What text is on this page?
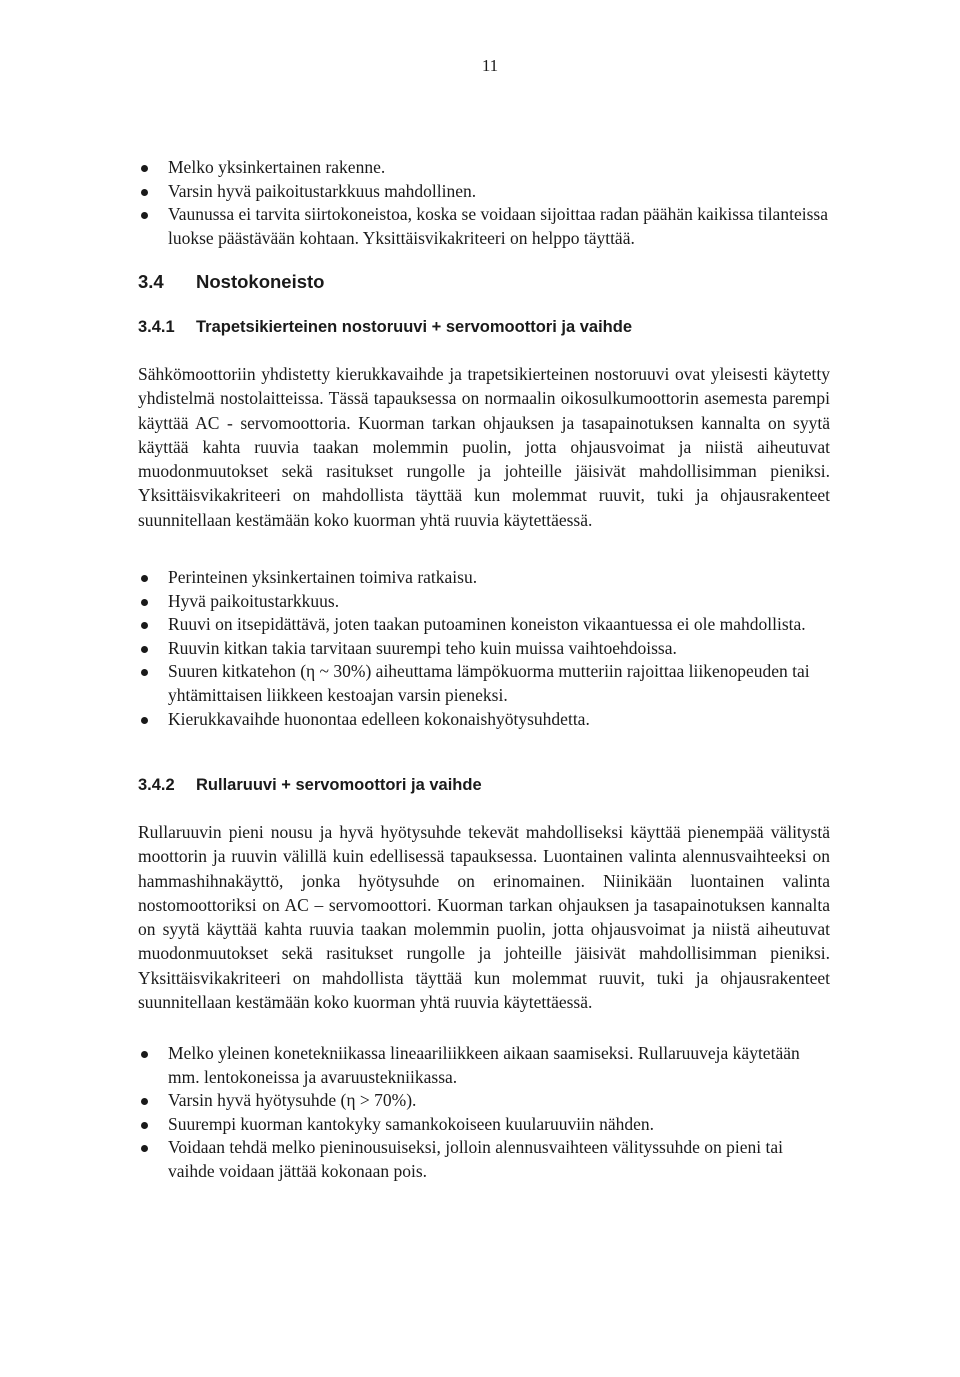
11
Melko yksinkertainen rakenne.
Varsin hyvä paikoitustarkkuus mahdollinen.
Vaunussa ei tarvita siirtokoneistoa, koska se voidaan sijoittaa radan päähän kaikissa tilanteissa luokse päästävään kohtaan. Yksittäisvikakriteeri on helppo täyttää.
3.4 Nostokoneisto
3.4.1 Trapetsikierteinen nostoruuvi + servomoottori ja vaihde

Sähkömoottoriin yhdistetty kierukkavaihde ja trapetsikierteinen nostoruuvi ovat yleisesti käytetty yhdistelmä nostolaitteissa. Tässä tapauksessa on normaalin oikosulkumoottorin asemesta parempi käyttää AC - servomoottoria. Kuorman tarkan ohjauksen ja tasapainotuksen kannalta on syytä käyttää kahta ruuvia taakan molemmin puolin, jotta ohjausvoimat ja niistä aiheutuvat muodonmuutokset sekä rasitukset rungolle ja johteille jäisivät mahdollisimman pieniksi. Yksittäisvikakriteeri on mahdollista täyttää kun molemmat ruuvit, tuki ja ohjausrakenteet suunnitellaan kestämään koko kuorman yhtä ruuvia käytettäessä.

Perinteinen yksinkertainen toimiva ratkaisu.
Hyvä paikoitustarkkuus.
Ruuvi on itsepidättävä, joten taakan putoaminen koneiston vikaantuessa ei ole mahdollista.
Ruuvin kitkan takia tarvitaan suurempi teho kuin muissa vaihtoehdoissa.
Suuren kitkatehon (η ~ 30%) aiheuttama lämpökuorma mutteriin rajoittaa liikenopeuden tai yhtämittaisen liikkeen kestoajan varsin pieneksi.
Kierukkavaihde huonontaa edelleen kokonaishyötysuhdetta.
3.4.2 Rullaruuvi + servomoottori ja vaihde

Rullaruuvin pieni nousu ja hyvä hyötysuhde tekevät mahdolliseksi käyttää pienempää välitystä moottorin ja ruuvin välillä kuin edellisessä tapauksessa. Luontainen valinta alennusvaihteeksi on hammashihnakäyttö, jonka hyötysuhde on erinomainen. Niinikään luontainen valinta nostomoottoriksi on AC – servomoottori. Kuorman tarkan ohjauksen ja tasapainotuksen kannalta on syytä käyttää kahta ruuvia taakan molemmin puolin, jotta ohjausvoimat ja niistä aiheutuvat muodonmuutokset sekä rasitukset rungolle ja johteille jäisivät mahdollisimman pieniksi. Yksittäisvikakriteeri on mahdollista täyttää kun molemmat ruuvit, tuki ja ohjausrakenteet suunnitellaan kestämään koko kuorman yhtä ruuvia käytettäessä.

Melko yleinen konetekniikassa lineaariliikkeen aikaan saamiseksi. Rullaruuveja käytetään mm. lentokoneissa ja avaruustekniikassa.
Varsin hyvä hyötysuhde (η > 70%).
Suurempi kuorman kantokyky samankokoiseen kuularuuviin nähden.
Voidaan tehdä melko pieninousuiseksi, jolloin alennusvaihteen välityssuhde on pieni tai vaihde voidaan jättää kokonaan pois.
